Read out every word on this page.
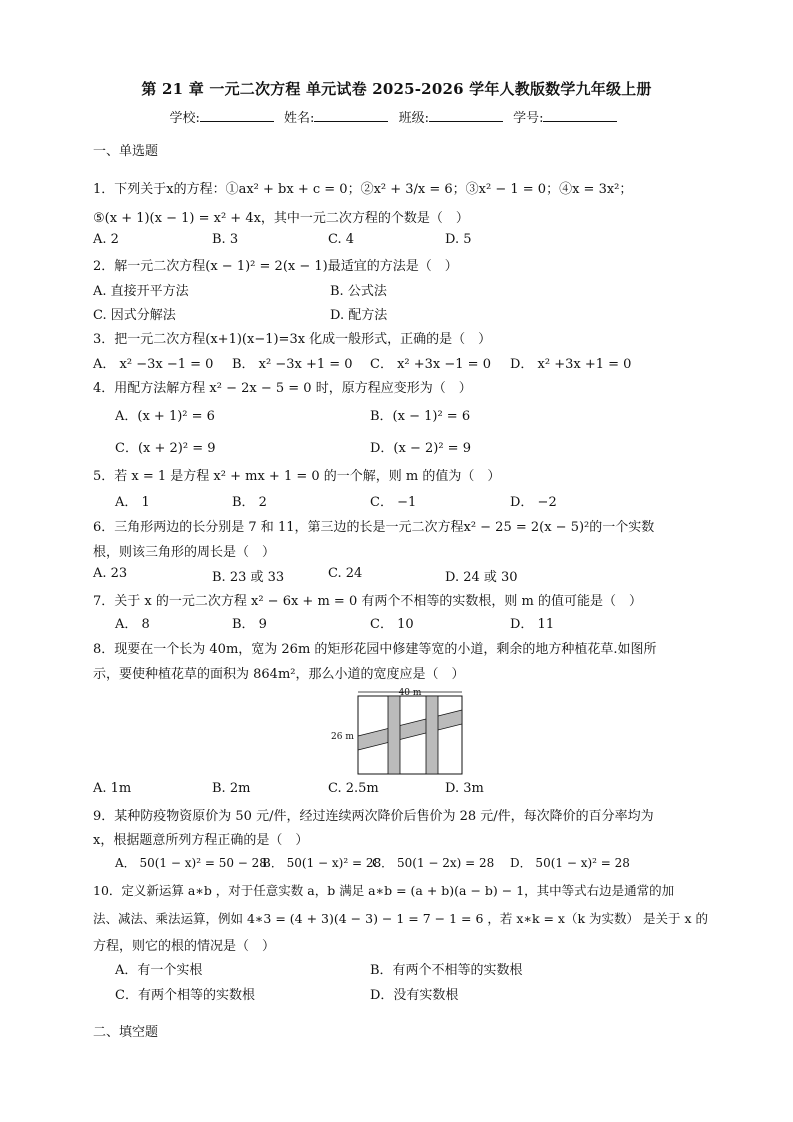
第 21 章 一元二次方程 单元试卷 2025-2026 学年人教版数学九年级上册
学校:	姓名:	班级:	学号:
一、单选题
1．下列关于x的方程：①ax² + bx + c = 0；②x² + 3/x = 6；③x² − 1 = 0；④x = 3x²；
⑤(x + 1)(x − 1) = x² + 4x，其中一元二次方程的个数是（　）
A. 2	B. 3	C. 4	D. 5
2．解一元二次方程(x − 1)² = 2(x − 1)最适宜的方法是（　）
A. 直接开平方法	B. 公式法
C. 因式分解法	D. 配方法
3．把一元二次方程(x+1)(x−1)=3x 化成一般形式，正确的是（　）
A． x² −3x −1 = 0 B． x² −3x +1 = 0 C． x² +3x −1 = 0 D． x² +3x +1 = 0
4．用配方法解方程 x² − 2x − 5 = 0 时，原方程应变形为（　）
A．(x + 1)² = 6	B．(x − 1)² = 6
C．(x + 2)² = 9	D．(x − 2)² = 9
5．若 x = 1 是方程 x² + mx + 1 = 0 的一个解，则 m 的值为（　）
A． 1	B． 2	C． −1	D． −2
6．三角形两边的长分别是 7 和 11，第三边的长是一元二次方程x² − 25 = 2(x − 5)²的一个实数
根，则该三角形的周长是（　）
A. 23	B. 23 或 33	C. 24	D. 24 或 30
7．关于 x 的一元二次方程 x² − 6x + m = 0 有两个不相等的实数根，则 m 的值可能是（　）
A． 8	B． 9	C． 10	D． 11
8．现要在一个长为 40m，宽为 26m 的矩形花园中修建等宽的小道，剩余的地方种植花草.如图所
示，要使种植花草的面积为 864m²，那么小道的宽度应是（　）
40 m
26 m
A. 1m	B. 2m	C. 2.5m	D. 3m
9．某种防疫物资原价为 50 元/件，经过连续两次降价后售价为 28 元/件，每次降价的百分率均为
x，根据题意所列方程正确的是（　）
A． 50(1 − x)² = 50 − 28
B． 50(1 − x)² = 28
C． 50(1 − 2x) = 28 D． 50(1 − x)² = 28
10．定义新运算 a∗b ，对于任意实数 a，b 满足 a∗b = (a + b)(a − b) − 1，其中等式右边是通常的加
法、减法、乘法运算，例如 4∗3 = (4 + 3)(4 − 3) − 1 = 7 − 1 = 6 ，若 x∗k = x（k 为实数） 是关于 x 的
方程，则它的根的情况是（　）
A．有一个实根	B．有两个不相等的实数根
C．有两个相等的实数根	D．没有实数根
二、填空题
